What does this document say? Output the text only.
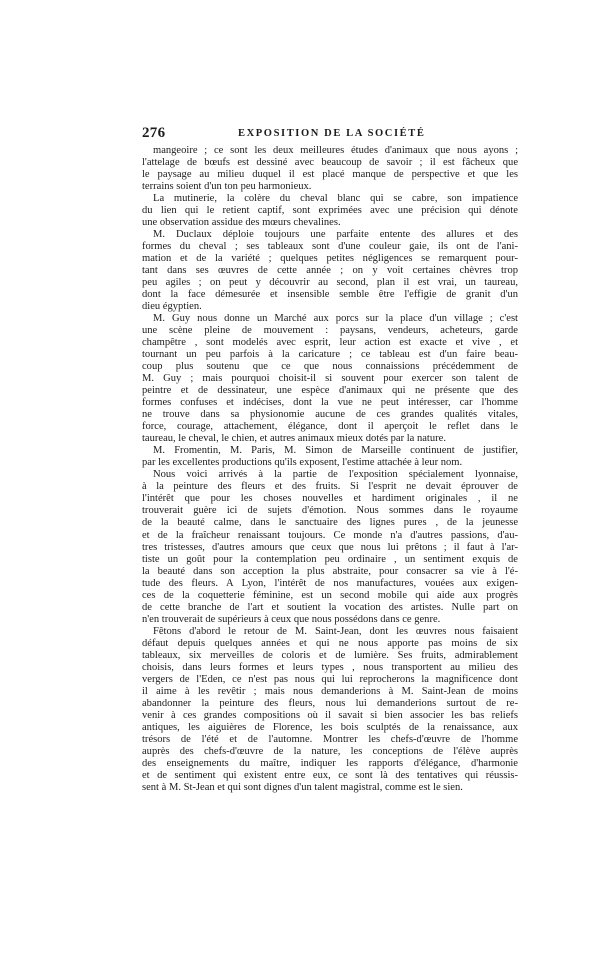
276	EXPOSITION DE LA SOCIÉTÉ
mangeoire ; ce sont les deux meilleures études d'animaux que nous ayons ;
l'attelage de bœufs est dessiné avec beaucoup de savoir ; il est fâcheux que
le paysage au milieu duquel il est placé manque de perspective et que les
terrains soient d'un ton peu harmonieux.
La mutinerie, la colère du cheval blanc qui se cabre, son impatience
du lien qui le retient captif, sont exprimées avec une précision qui dénote
une observation assidue des mœurs chevalines.
M. Duclaux déploie toujours une parfaite entente des allures et des
formes du cheval ; ses tableaux sont d'une couleur gaie, ils ont de l'ani-
mation et de la variété ; quelques petites négligences se remarquent pour-
tant dans ses œuvres de cette année ; on y voit certaines chèvres trop
peu agiles ; on peut y découvrir au second, plan il est vrai, un taureau,
dont la face démesurée et insensible semble être l'effigie de granit d'un
dieu égyptien.
M. Guy nous donne un Marché aux porcs sur la place d'un village ; c'est
une scène pleine de mouvement : paysans, vendeurs, acheteurs, garde
champêtre , sont modelés avec esprit, leur action est exacte et vive , et
tournant un peu parfois à la caricature ; ce tableau est d'un faire beau-
coup plus soutenu que ce que nous connaissions précédemment de
M. Guy ; mais pourquoi choisit-il si souvent pour exercer son talent de
peintre et de dessinateur, une espèce d'animaux qui ne présente que des
formes confuses et indécises, dont la vue ne peut intéresser, car l'homme
ne trouve dans sa physionomie aucune de ces grandes qualités vitales,
force, courage, attachement, élégance, dont il aperçoit le reflet dans le
taureau, le cheval, le chien, et autres animaux mieux dotés par la nature.
M. Fromentin, M. Paris, M. Simon de Marseille continuent de justifier,
par les excellentes productions qu'ils exposent, l'estime attachée à leur nom.
Nous voici arrivés à la partie de l'exposition spécialement lyonnaise,
à la peinture des fleurs et des fruits. Si l'esprit ne devait éprouver de
l'intérêt que pour les choses nouvelles et hardiment originales , il ne
trouverait guère ici de sujets d'émotion. Nous sommes dans le royaume
de la beauté calme, dans le sanctuaire des lignes pures , de la jeunesse
et de la fraîcheur renaissant toujours. Ce monde n'a d'autres passions, d'au-
tres tristesses, d'autres amours que ceux que nous lui prêtons ; il faut à l'ar-
tiste un goût pour la contemplation peu ordinaire , un sentiment exquis de
la beauté dans son acception la plus abstraite, pour consacrer sa vie à l'é-
tude des fleurs. A Lyon, l'intérêt de nos manufactures, vouées aux exigen-
ces de la coquetterie féminine, est un second mobile qui aide aux progrès
de cette branche de l'art et soutient la vocation des artistes. Nulle part on
n'en trouverait de supérieurs à ceux que nous possédons dans ce genre.
Fêtons d'abord le retour de M. Saint-Jean, dont les œuvres nous faisaient
défaut depuis quelques années et qui ne nous apporte pas moins de six
tableaux, six merveilles de coloris et de lumière. Ses fruits, admirablement
choisis, dans leurs formes et leurs types , nous transportent au milieu des
vergers de l'Eden, ce n'est pas nous qui lui reprocherons la magnificence dont
il aime à les revêtir ; mais nous demanderions à M. Saint-Jean de moins
abandonner la peinture des fleurs, nous lui demanderions surtout de re-
venir à ces grandes compositions où il savait si bien associer les bas reliefs
antiques, les aiguières de Florence, les bois sculptés de la renaissance, aux
trésors de l'été et de l'automne. Montrer les chefs-d'œuvre de l'homme
auprès des chefs-d'œuvre de la nature, les conceptions de l'élève auprès
des enseignements du maître, indiquer les rapports d'élégance, d'harmonie
et de sentiment qui existent entre eux, ce sont là des tentatives qui réussis-
sent à M. St-Jean et qui sont dignes d'un talent magistral, comme est le sien.
